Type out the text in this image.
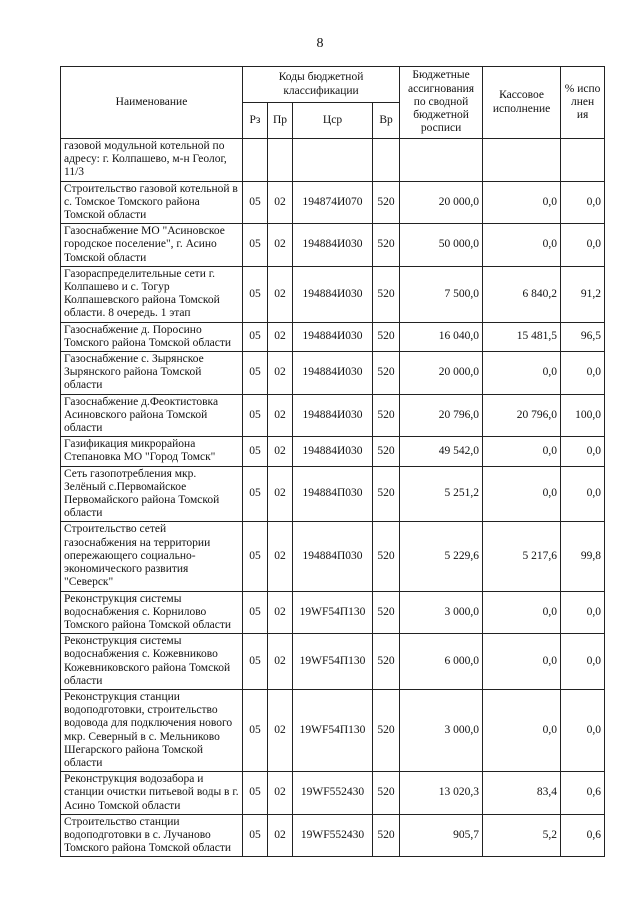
8
Наименование	Коды бюджетной классификации				Бюджетные ассигнования по сводной бюджетной росписи	Кассовое исполнение	% испо лнен ия
	Рз	Пр	Цср	Вр			
газовой модульной котельной по адресу: г. Колпашево, м-н Геолог, 11/3							
Строительство газовой котельной в с. Томское Томского района Томской области	05	02	194874И070	520	20 000,0	0,0	0,0
Газоснабжение МО "Асиновское городское поселение", г. Асино Томской области	05	02	194884И030	520	50 000,0	0,0	0,0
Газораспределительные сети г. Колпашево и с. Тогур Колпашевского района Томской области. 8 очередь. 1 этап	05	02	194884И030	520	7 500,0	6 840,2	91,2
Газоснабжение д. Поросино Томского района Томской области	05	02	194884И030	520	16 040,0	15 481,5	96,5
Газоснабжение с. Зырянское Зырянского района Томской области	05	02	194884И030	520	20 000,0	0,0	0,0
Газоснабжение д.Феоктистовка Асиновского района Томской области	05	02	194884И030	520	20 796,0	20 796,0	100,0
Газификация микрорайона Степановка МО "Город Томск"	05	02	194884И030	520	49 542,0	0,0	0,0
Сеть газопотребления мкр. Зелёный с.Первомайское Первомайского района Томской области	05	02	194884П030	520	5 251,2	0,0	0,0
Строительство сетей газоснабжения на территории опережающего социально-экономического развития "Северск"	05	02	194884П030	520	5 229,6	5 217,6	99,8
Реконструкция системы водоснабжения с. Корнилово Томского района Томской области	05	02	19WF54П130	520	3 000,0	0,0	0,0
Реконструкция системы водоснабжения с. Кожевниково Кожевниковского района Томской области	05	02	19WF54П130	520	6 000,0	0,0	0,0
Реконструкция станции водоподготовки, строительство водовода для подключения нового мкр. Северный в с. Мельниково Шегарского района Томской области	05	02	19WF54П130	520	3 000,0	0,0	0,0
Реконструкция водозабора и станции очистки питьевой воды в г. Асино Томской области	05	02	19WF552430	520	13 020,3	83,4	0,6
Строительство станции водоподготовки в с. Лучаново Томского района Томской области	05	02	19WF552430	520	905,7	5,2	0,6
